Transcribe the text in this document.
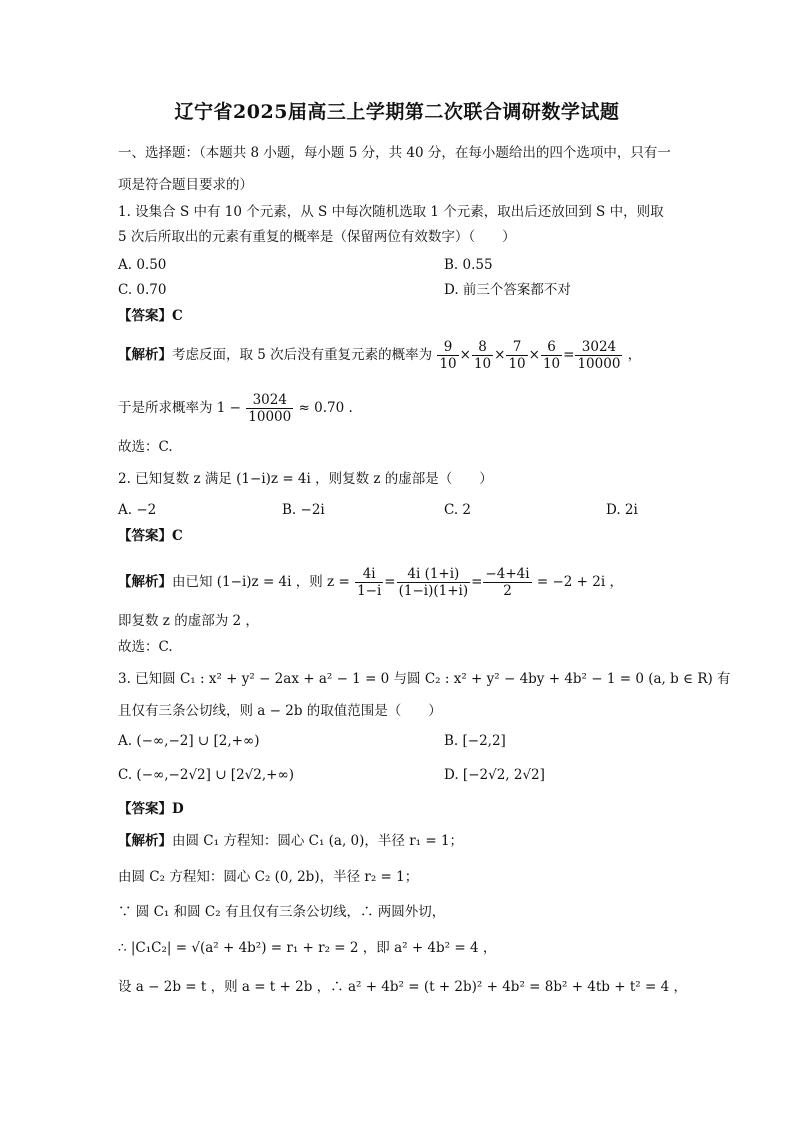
辽宁省2025届高三上学期第二次联合调研数学试题
一、选择题：（本题共 8 小题，每小题 5 分，共 40 分，在每小题给出的四个选项中，只有一
项是符合题目要求的）
1. 设集合 S 中有 10 个元素，从 S 中每次随机选取 1 个元素，取出后还放回到 S 中，则取
5 次后所取出的元素有重复的概率是（保留两位有效数字）（　　）
A. 0.50	B. 0.55
C. 0.70	D. 前三个答案都不对
【答案】C
【解析】考虑反面，取 5 次后没有重复元素的概率为 $\frac{9}{10} \times \frac{8}{10} \times \frac{7}{10} \times \frac{6}{10} = \frac{3024}{10000}$ ，
于是所求概率为 $1 - \frac{3024}{10000} \approx 0.70$ .
故选：C.
2. 已知复数 z 满足 (1−i)z = 4i ，则复数 z 的虚部是（　　）
A. −2	B. −2i	C. 2	D. 2i
【答案】C
【解析】由已知 (1−i)z = 4i ，则 $z = \frac{4i}{1-i} = \frac{4i (1+i)}{(1-i)(1+i)} = \frac{-4+4i}{2} = -2 + 2i$ ，
即复数 z 的虚部为 2 ，
故选：C.
3. 已知圆 C₁ : x² + y² − 2ax + a² − 1 = 0 与圆 C₂ : x² + y² − 4by + 4b² − 1 = 0 (a, b ∈ R) 有
且仅有三条公切线，则 a − 2b 的取值范围是（　　）
A. (−∞,−2] ∪ [2,+∞)	B. [−2,2]
C. (−∞,−2√2] ∪ [2√2,+∞)	D. [−2√2, 2√2]
【答案】D
【解析】由圆 C₁ 方程知：圆心 C₁ (a, 0)，半径 r₁ = 1；
由圆 C₂ 方程知：圆心 C₂ (0, 2b)，半径 r₂ = 1；
∵ 圆 C₁ 和圆 C₂ 有且仅有三条公切线，∴ 两圆外切，
∴ |C₁C₂| = √(a² + 4b²) = r₁ + r₂ = 2 ，即 a² + 4b² = 4 ，
设 a − 2b = t ，则 a = t + 2b ，∴ a² + 4b² = (t + 2b)² + 4b² = 8b² + 4tb + t² = 4 ，
